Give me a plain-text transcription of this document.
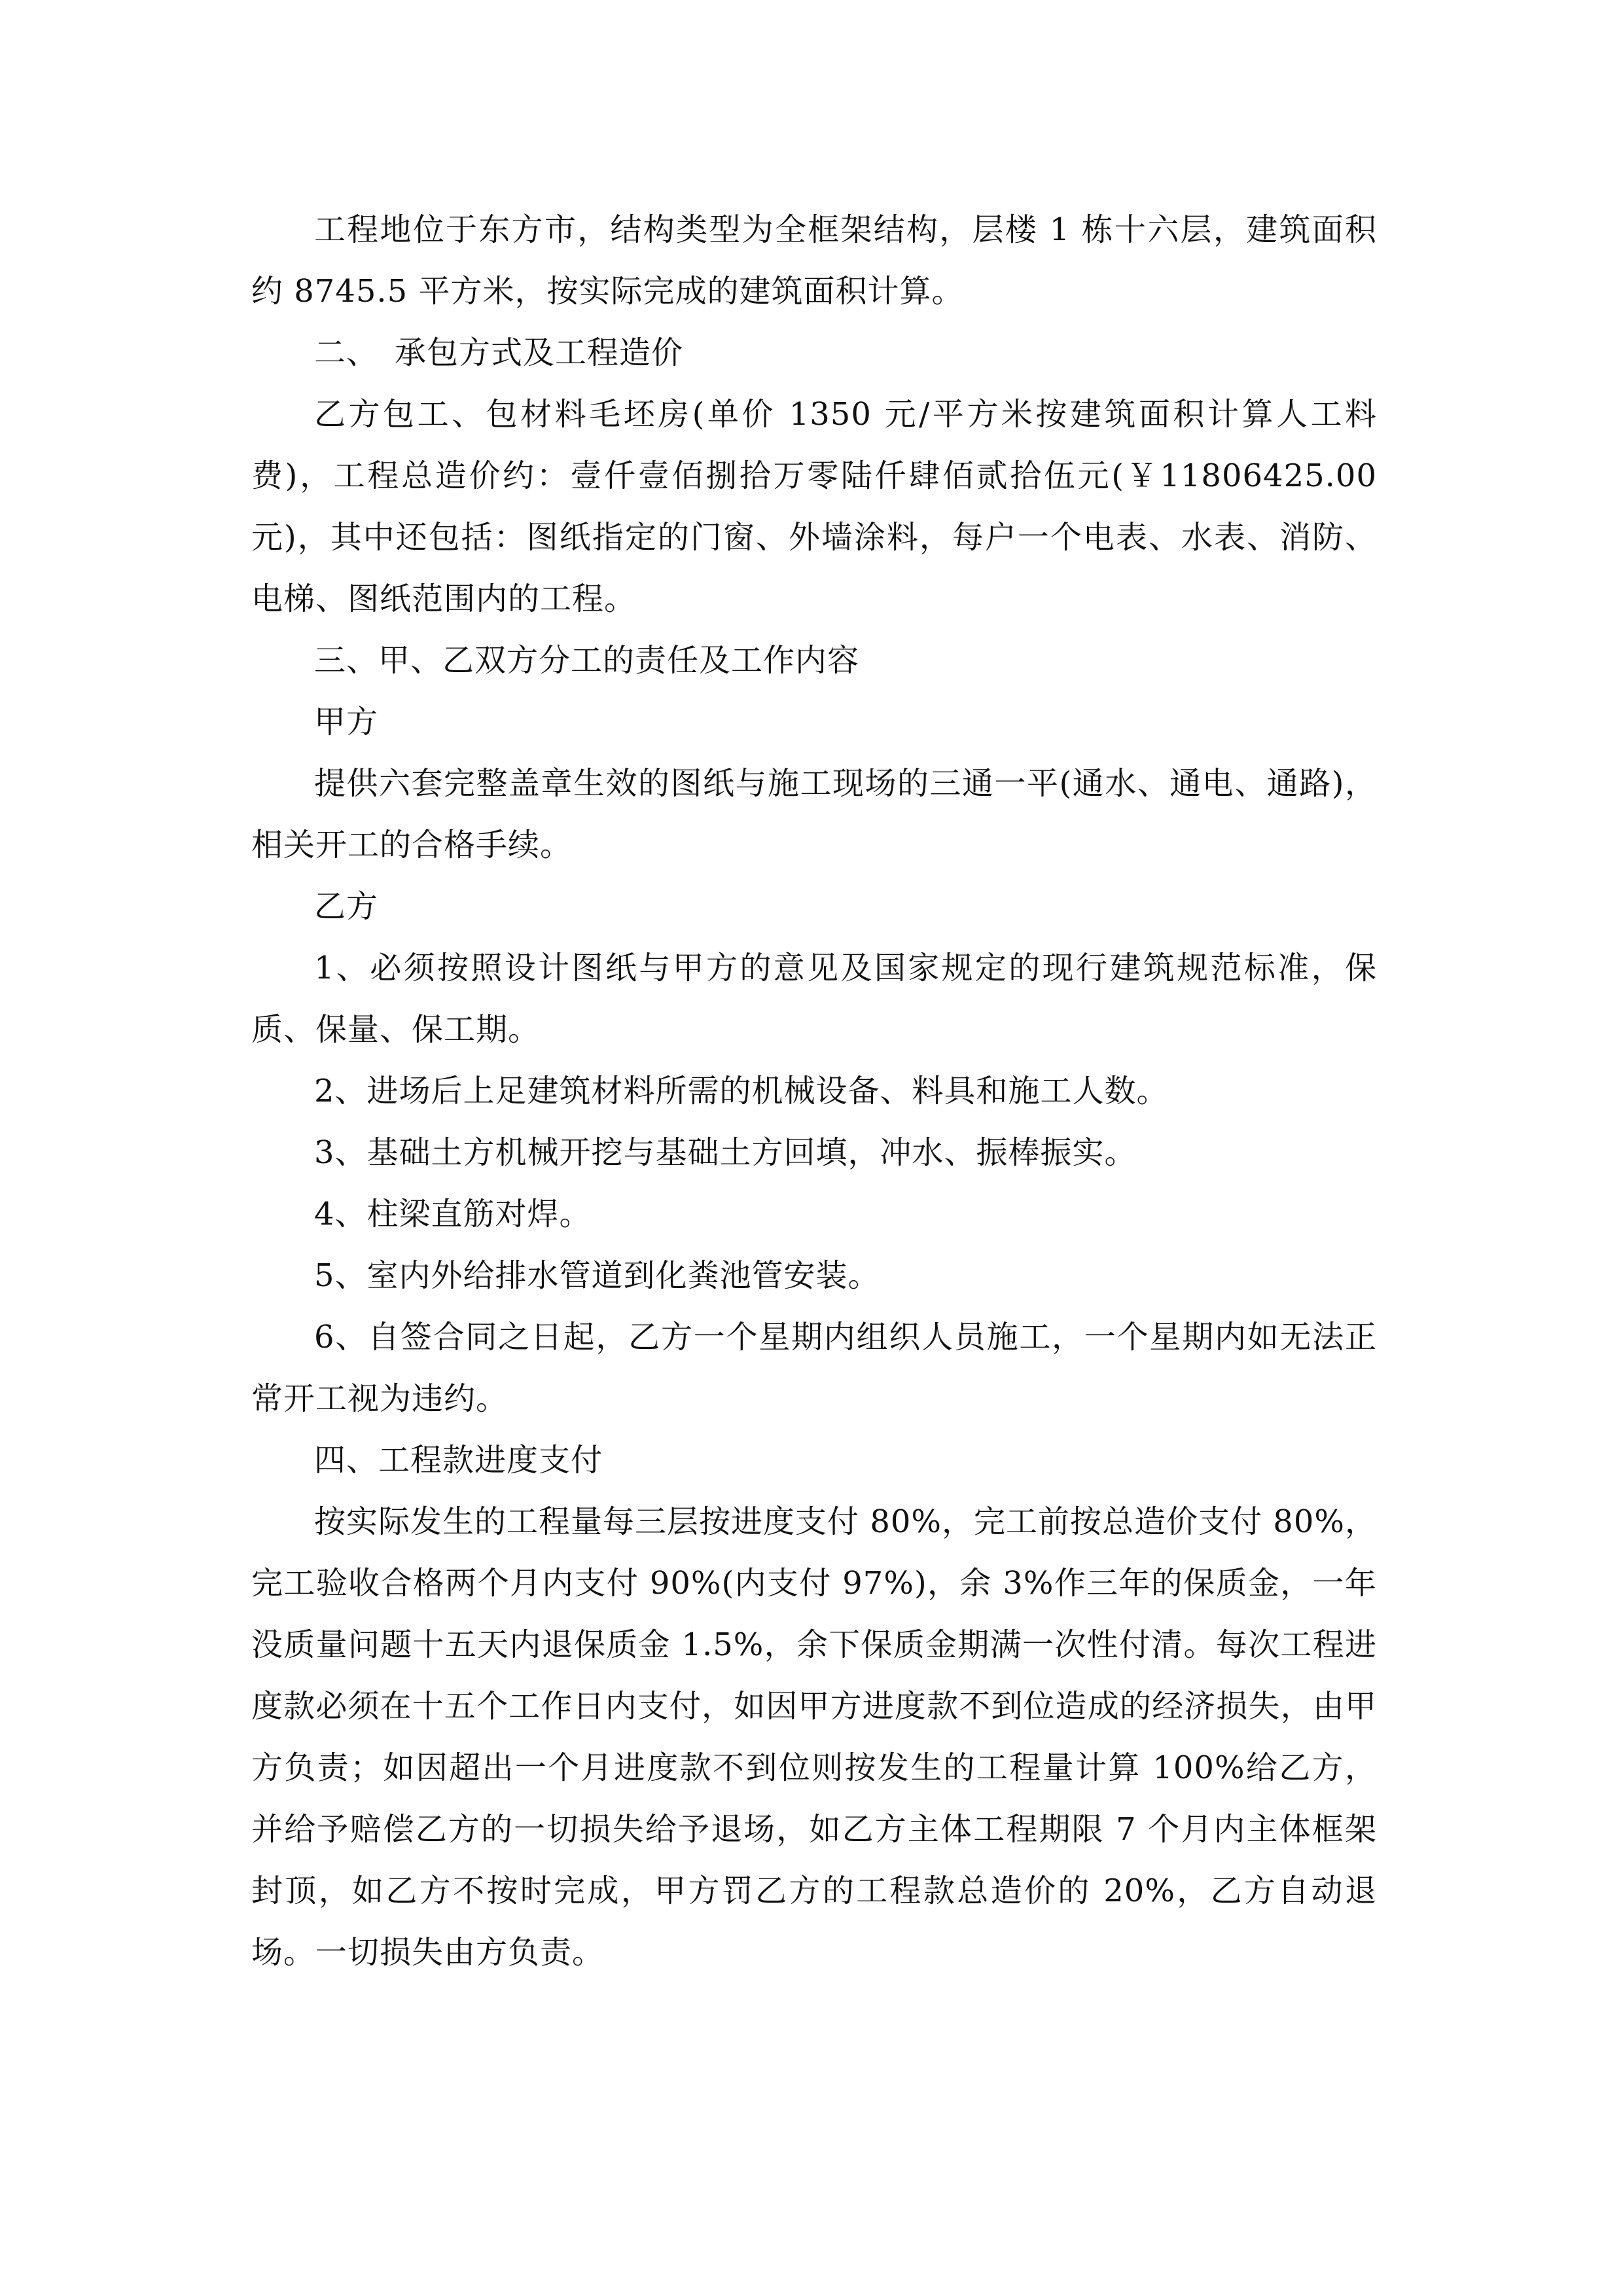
工程地位于东方市，结构类型为全框架结构，层楼 1 栋十六层，建筑面积约 8745.5 平方米，按实际完成的建筑面积计算。

二、　承包方式及工程造价

乙方包工、包材料毛坯房(单价 1350 元/平方米按建筑面积计算人工料费)，工程总造价约：壹仟壹佰捌拾万零陆仟肆佰贰拾伍元(￥11806425.00 元)，其中还包括：图纸指定的门窗、外墙涂料，每户一个电表、水表、消防、电梯、图纸范围内的工程。

三、甲、乙双方分工的责任及工作内容

甲方

提供六套完整盖章生效的图纸与施工现场的三通一平(通水、通电、通路)，相关开工的合格手续。

乙方

1、必须按照设计图纸与甲方的意见及国家规定的现行建筑规范标准，保质、保量、保工期。

2、进场后上足建筑材料所需的机械设备、料具和施工人数。

3、基础土方机械开挖与基础土方回填，冲水、振棒振实。

4、柱梁直筋对焊。

5、室内外给排水管道到化粪池管安装。

6、自签合同之日起，乙方一个星期内组织人员施工，一个星期内如无法正常开工视为违约。

四、工程款进度支付

按实际发生的工程量每三层按进度支付 80%，完工前按总造价支付 80%，完工验收合格两个月内支付 90%(内支付 97%)，余 3%作三年的保质金，一年没质量问题十五天内退保质金 1.5%，余下保质金期满一次性付清。每次工程进度款必须在十五个工作日内支付，如因甲方进度款不到位造成的经济损失，由甲方负责；如因超出一个月进度款不到位则按发生的工程量计算 100%给乙方，并给予赔偿乙方的一切损失给予退场，如乙方主体工程期限 7 个月内主体框架封顶，如乙方不按时完成，甲方罚乙方的工程款总造价的 20%，乙方自动退场。一切损失由方负责。
